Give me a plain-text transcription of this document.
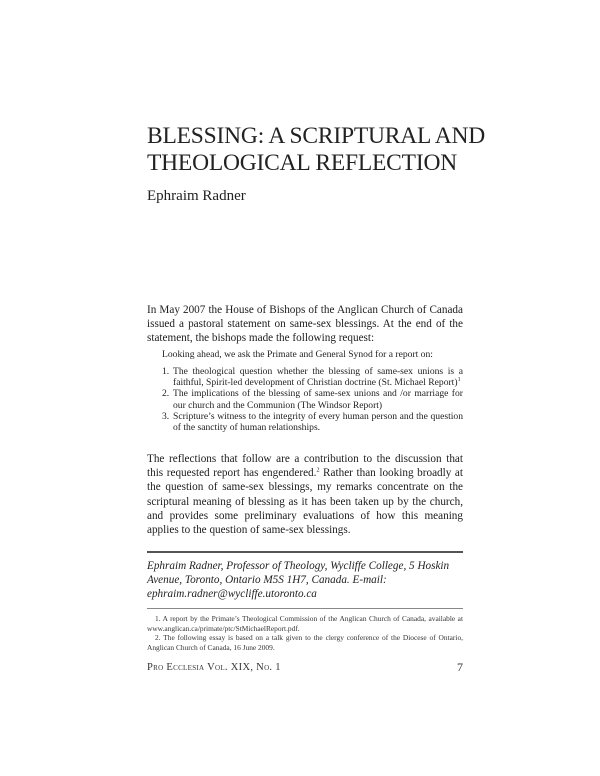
BLESSING: A SCRIPTURAL AND
THEOLOGICAL REFLECTION
Ephraim Radner
In May 2007 the House of Bishops of the Anglican Church of Canada issued a pastoral statement on same-sex blessings. At the end of the statement, the bishops made the following request:
Looking ahead, we ask the Primate and General Synod for a report on:
1. The theological question whether the blessing of same-sex unions is a faithful, Spirit-led development of Christian doctrine (St. Michael Report)$^1$
2. The implications of the blessing of same-sex unions and /or marriage for our church and the Communion (The Windsor Report)
3. Scripture’s witness to the integrity of every human person and the question of the sanctity of human relationships.
The reflections that follow are a contribution to the discussion that this requested report has engendered.$^2$ Rather than looking broadly at the question of same-sex blessings, my remarks concentrate on the scriptural meaning of blessing as it has been taken up by the church, and provides some preliminary evaluations of how this meaning applies to the question of same-sex blessings.
Ephraim Radner, Professor of Theology, Wycliffe College, 5 Hoskin Avenue, Toronto, Ontario M5S 1H7, Canada. E-mail: ephraim.radner@wycliffe.utoronto.ca

1. A report by the Primate’s Theological Commission of the Anglican Church of Canada, available at www.anglican.ca/primate/ptc/StMichaelReport.pdf.

2. The following essay is based on a talk given to the clergy conference of the Diocese of Ontario, Anglican Church of Canada, 16 June 2009.

Pro Ecclesia Vol. XIX, No. 1	7
